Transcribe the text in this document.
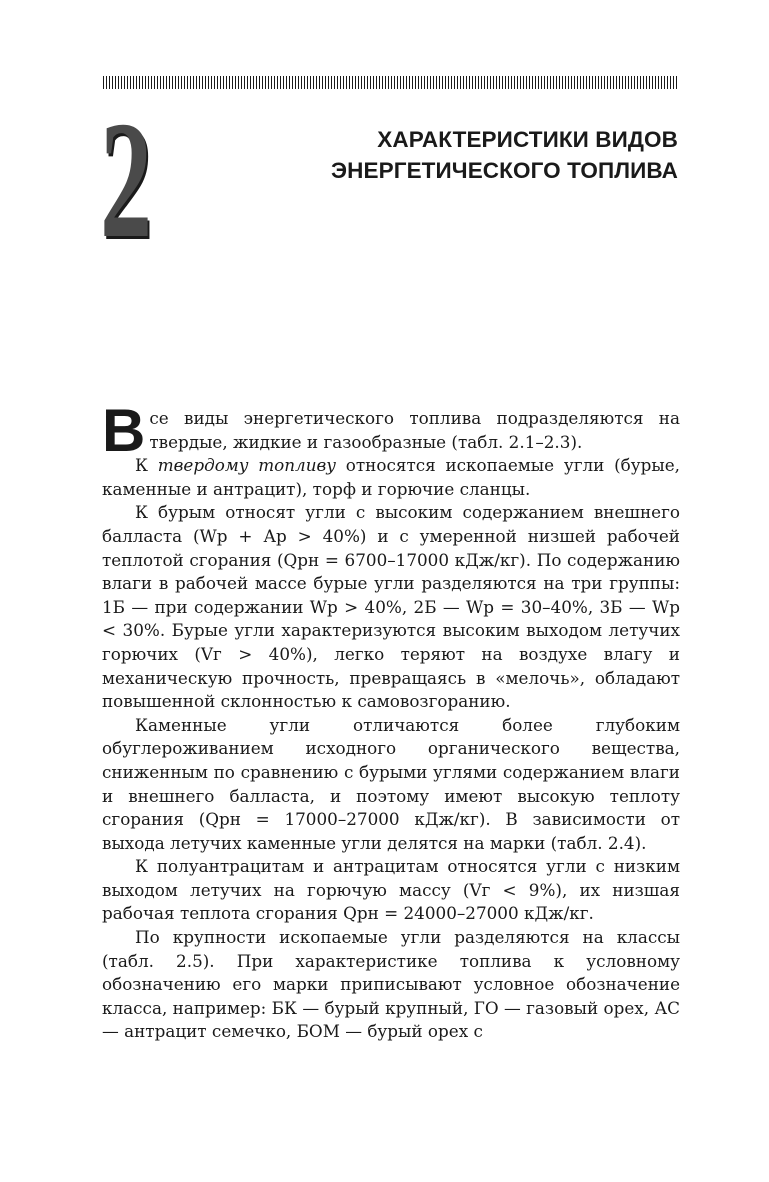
2	ХАРАКТЕРИСТИКИ ВИДОВ
ЭНЕРГЕТИЧЕСКОГО ТОПЛИВА

Все виды энергетического топлива подразделяются на твердые, жидкие и газообразные (табл. 2.1–2.3).

К твердому топливу относятся ископаемые угли (бурые, каменные и антрацит), торф и горючие сланцы.

К бурым относят угли с высоким содержанием внешнего балласта (Wр + Ар > 40%) и с умеренной низшей рабочей теплотой сгорания (Qрн = 6700–17000 кДж/кг). По содержанию влаги в рабочей массе бурые угли разделяются на три группы: 1Б — при содержании Wр > 40%, 2Б — Wр = 30–40%, 3Б — Wр < 30%. Бурые угли характеризуются высоким выходом летучих горючих (Vг > 40%), легко теряют на воздухе влагу и механическую прочность, превращаясь в «мелочь», обладают повышенной склонностью к самовозгоранию.

Каменные угли отличаются более глубоким обуглероживанием исходного органического вещества, сниженным по сравнению с бурыми углями содержанием влаги и внешнего балласта, и поэтому имеют высокую теплоту сгорания (Qрн = 17000–27000 кДж/кг). В зависимости от выхода летучих каменные угли делятся на марки (табл. 2.4).

К полуантрацитам и антрацитам относятся угли с низким выходом летучих на горючую массу (Vг < 9%), их низшая рабочая теплота сгорания Qрн = 24000–27000 кДж/кг.

По крупности ископаемые угли разделяются на классы (табл. 2.5). При характеристике топлива к условному обозначению его марки приписывают условное обозначение класса, например: БК — бурый крупный, ГО — газовый орех, АС — антрацит семечко, БОМ — бурый орех с
